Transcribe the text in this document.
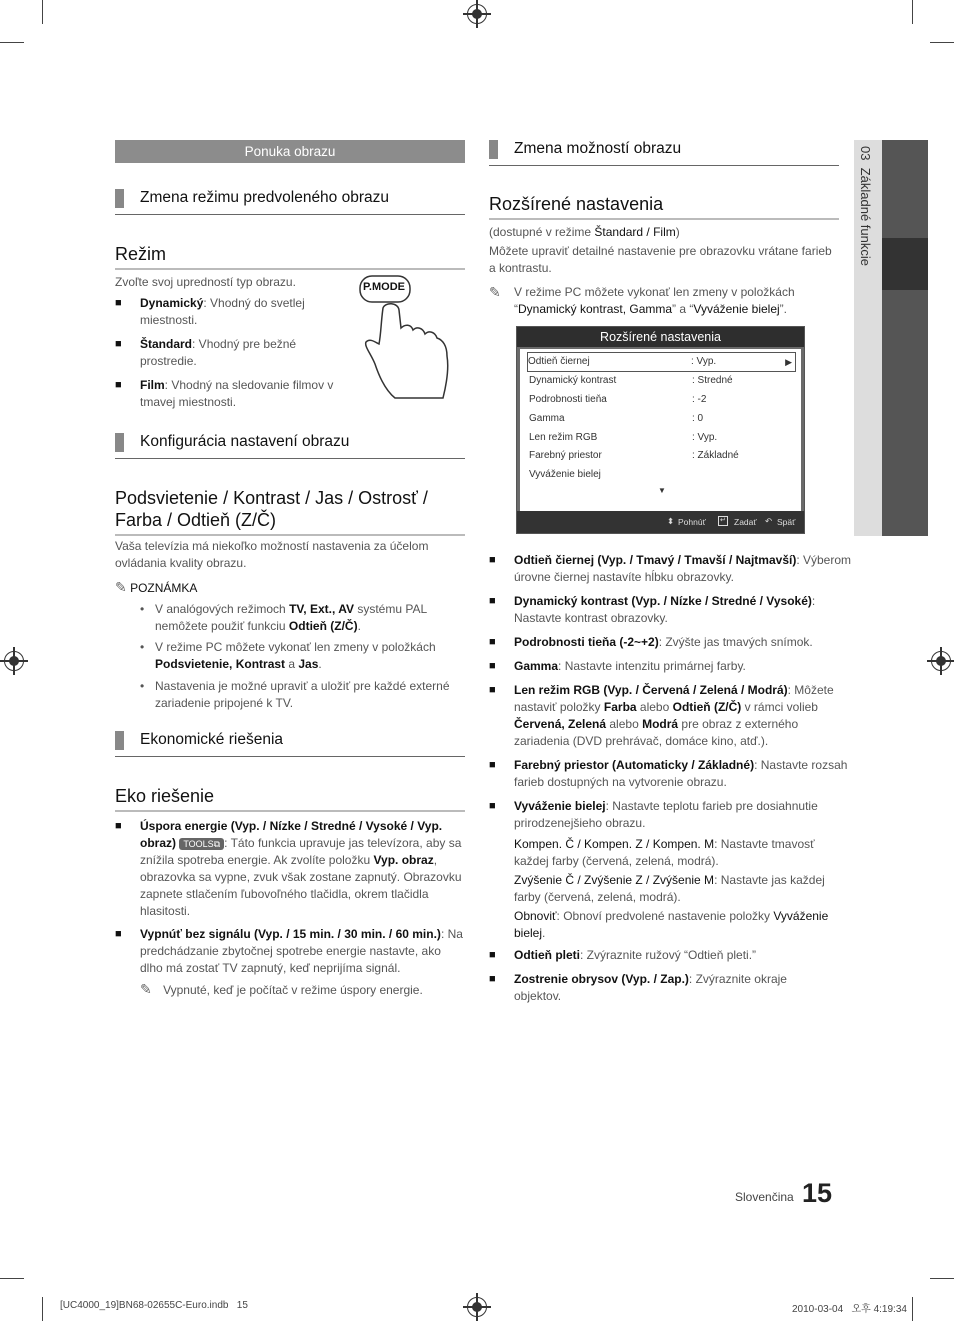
03  Základné funkcie
Ponuka obrazu
Zmena režimu predvoleného obrazu
Režim
Zvoľte svoj upredností typ obrazu.	P.MODE
■ Dynamický: Vhodný do svetlej miestnosti.
■ Štandard: Vhodný pre bežné prostredie.
■ Film: Vhodný na sledovanie filmov v tmavej miestnosti.
Konfigurácia nastavení obrazu
Podsvietenie / Kontrast / Jas / Ostrosť / Farba / Odtieň (Z/Č)
Vaša televízia má niekoľko možností nastavenia za účelom ovládania kvality obrazu.
✎ POZNÁMKA
• V analógových režimoch TV, Ext., AV systému PAL nemôžete použiť funkciu Odtieň (Z/Č).
• V režime PC môžete vykonať len zmeny v položkách Podsvietenie, Kontrast a Jas.
• Nastavenia je možné upraviť a uložiť pre každé externé zariadenie pripojené k TV.
Ekonomické riešenia
Eko riešenie
■ Úspora energie (Vyp. / Nízke / Stredné / Vysoké / Vyp. obraz) TOOLS⧉ : Táto funkcia upravuje jas televízora, aby sa znížila spotreba energie. Ak zvolíte položku Vyp. obraz, obrazovka sa vypne, zvuk však zostane zapnutý. Obrazovku zapnete stlačením ľubovoľného tlačidla, okrem tlačidla hlasitosti.
■ Vypnúť bez signálu (Vyp. / 15 min. / 30 min. / 60 min.): Na predchádzanie zbytočnej spotrebe energie nastavte, ako dlho má zostať TV zapnutý, keď neprijíma signál.
✎ Vypnuté, keď je počítač v režime úspory energie.
Zmena možností obrazu
Rozšírené nastavenia
(dostupné v režime Štandard / Film)
Môžete upraviť detailné nastavenie pre obrazovku vrátane farieb a kontrastu.
✎ V režime PC môžete vykonať len zmeny v položkách “Dynamický kontrast, Gamma” a “Vyváženie bielej”.
Rozšírené nastavenia
Odtieň čiernej	: Vyp.	▶
Dynamický kontrast	: Stredné
Podrobnosti tieňa	: -2
Gamma	: 0
Len režim RGB	: Vyp.
Farebný priestor	: Základné
Vyváženie bielej
▼
⬍ Pohnúť ↵ Zadať ↶ Späť
■ Odtieň čiernej (Vyp. / Tmavý / Tmavší / Najtmavší): Výberom úrovne čiernej nastavíte hĺbku obrazovky.
■ Dynamický kontrast (Vyp. / Nízke / Stredné / Vysoké): Nastavte kontrast obrazovky.
■ Podrobnosti tieňa (-2~+2): Zvýšte jas tmavých snímok.
■ Gamma: Nastavte intenzitu primárnej farby.
■ Len režim RGB (Vyp. / Červená / Zelená / Modrá): Môžete nastaviť položky Farba alebo Odtieň (Z/Č) v rámci volieb Červená, Zelená alebo Modrá pre obraz z externého zariadenia (DVD prehrávač, domáce kino, atď.).
■ Farebný priestor (Automaticky / Základné): Nastavte rozsah farieb dostupných na vytvorenie obrazu.
■ Vyváženie bielej: Nastavte teplotu farieb pre dosiahnutie prirodzenejšieho obrazu.
Kompen. Č / Kompen. Z / Kompen. M: Nastavte tmavosť každej farby (červená, zelená, modrá).
Zvýšenie Č / Zvýšenie Z / Zvýšenie M: Nastavte jas každej farby (červená, zelená, modrá).
Obnoviť: Obnoví predvolené nastavenie položky Vyváženie bielej.
■ Odtieň pleti: Zvýraznite ružový “Odtieň pleti.”
■ Zostrenie obrysov (Vyp. / Zap.): Zvýraznite okraje objektov.
Slovenčina 15
[UC4000_19]BN68-02655C-Euro.indb   15	2010-03-04   오후 4:19:34
